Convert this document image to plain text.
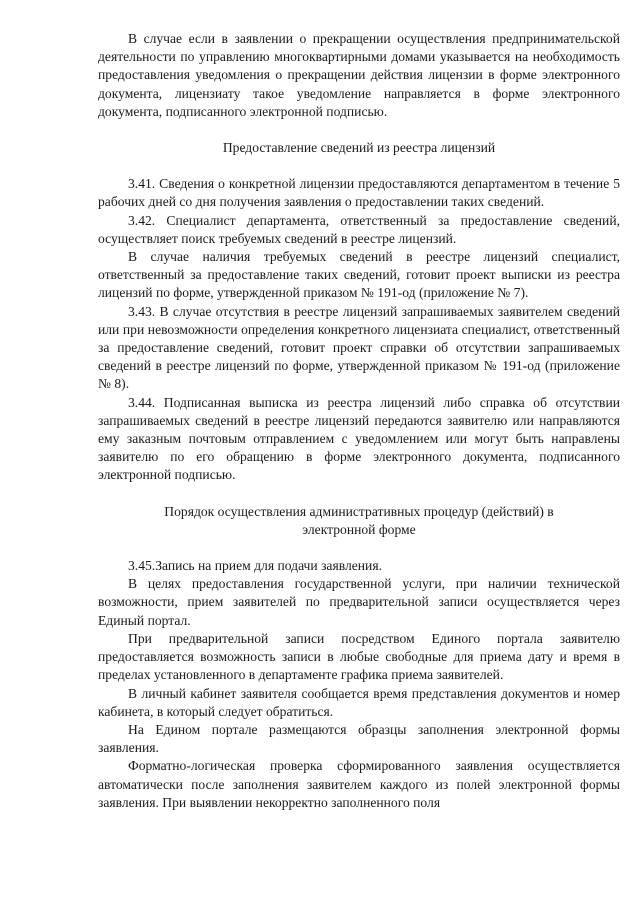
В случае если в заявлении о прекращении осуществления предпринимательской деятельности по управлению многоквартирными домами указывается на необходимость предоставления уведомления о прекращении действия лицензии в форме электронного документа, лицензиату такое уведомление направляется в форме электронного документа, подписанного электронной подписью.

Предоставление сведений из реестра лицензий

3.41. Сведения о конкретной лицензии предоставляются департаментом в течение 5 рабочих дней со дня получения заявления о предоставлении таких сведений.

3.42. Специалист департамента, ответственный за предоставление сведений, осуществляет поиск требуемых сведений в реестре лицензий.

В случае наличия требуемых сведений в реестре лицензий специалист, ответственный за предоставление таких сведений, готовит проект выписки из реестра лицензий по форме, утвержденной приказом № 191-од (приложение № 7).

3.43. В случае отсутствия в реестре лицензий запрашиваемых заявителем сведений или при невозможности определения конкретного лицензиата специалист, ответственный за предоставление сведений, готовит проект справки об отсутствии запрашиваемых сведений в реестре лицензий по форме, утвержденной приказом № 191-од (приложение № 8).

3.44. Подписанная выписка из реестра лицензий либо справка об отсутствии запрашиваемых сведений в реестре лицензий передаются заявителю или направляются ему заказным почтовым отправлением с уведомлением или могут быть направлены заявителю по его обращению в форме электронного документа, подписанного электронной подписью.

Порядок осуществления административных процедур (действий) в

электронной форме

3.45.Запись на прием для подачи заявления.

В целях предоставления государственной услуги, при наличии технической возможности, прием заявителей по предварительной записи осуществляется через Единый портал.

При предварительной записи посредством Единого портала заявителю предоставляется возможность записи в любые свободные для приема дату и время в пределах установленного в департаменте графика приема заявителей.

В личный кабинет заявителя сообщается время представления документов и номер кабинета, в который следует обратиться.

На Едином портале размещаются образцы заполнения электронной формы заявления.

Форматно-логическая проверка сформированного заявления осуществляется автоматически после заполнения заявителем каждого из полей электронной формы заявления. При выявлении некорректно заполненного поля
